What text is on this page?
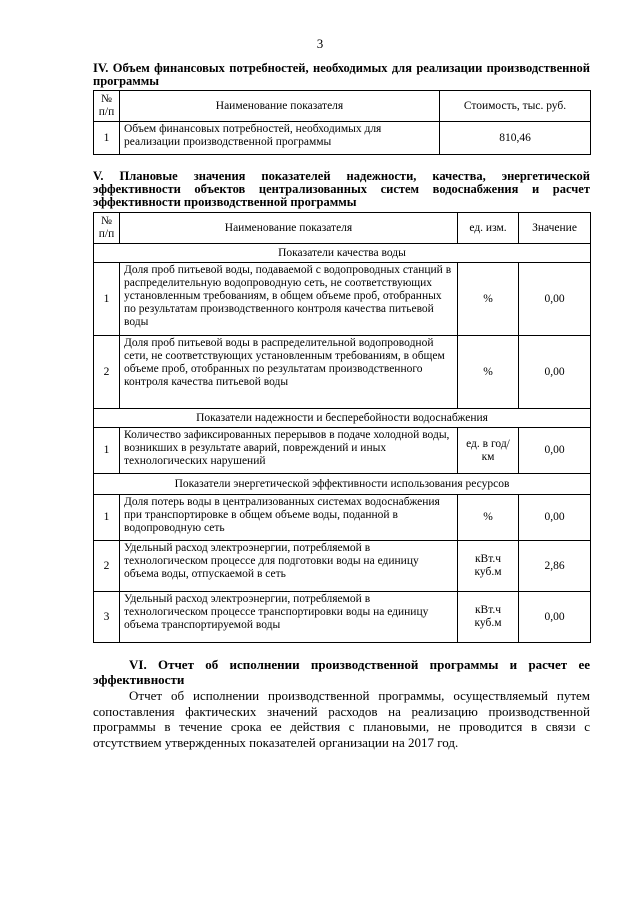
3
IV. Объем финансовых потребностей, необходимых для реализации производственной программы
№ п/п	Наименование показателя	Стоимость, тыс. руб.
1	Объем финансовых потребностей, необходимых для реализации производственной программы	810,46
V. Плановые значения показателей надежности, качества, энергетической эффективности объектов централизованных систем водоснабжения и расчет эффективности производственной программы
№ п/п	Наименование показателя	ед. изм.	Значение
Показатели качества воды			
1	Доля проб питьевой воды, подаваемой с водопроводных станций в распределительную водопроводную сеть, не соответствующих установленным требованиям, в общем объеме проб, отобранных по результатам производственного контроля качества питьевой воды	%	0,00
2	Доля проб питьевой воды в распределительной водопроводной сети, не соответствующих установленным требованиям, в общем объеме проб, отобранных по результатам производственного контроля качества питьевой воды	%	0,00
Показатели надежности и бесперебойности водоснабжения			
1	Количество зафиксированных перерывов в подаче холодной воды, возникших в результате аварий, повреждений и иных технологических нарушений	ед. в год/ км	0,00
Показатели энергетической эффективности использования ресурсов			
1	Доля потерь воды в централизованных системах водоснабжения при транспортировке в общем объеме воды, поданной в водопроводную сеть	%	0,00
2	Удельный расход электроэнергии, потребляемой в технологическом процессе для подготовки воды на единицу объема воды, отпускаемой в сеть	кВт.ч куб.м	2,86
3	Удельный расход электроэнергии, потребляемой в технологическом процессе транспортировки воды на единицу объема транспортируемой воды	кВт.ч куб.м	0,00
VI. Отчет об исполнении производственной программы и расчет ее эффективности
Отчет об исполнении производственной программы, осуществляемый путем сопоставления фактических значений расходов на реализацию производственной программы в течение срока ее действия с плановыми, не проводится в связи с отсутствием утвержденных показателей организации на 2017 год.
